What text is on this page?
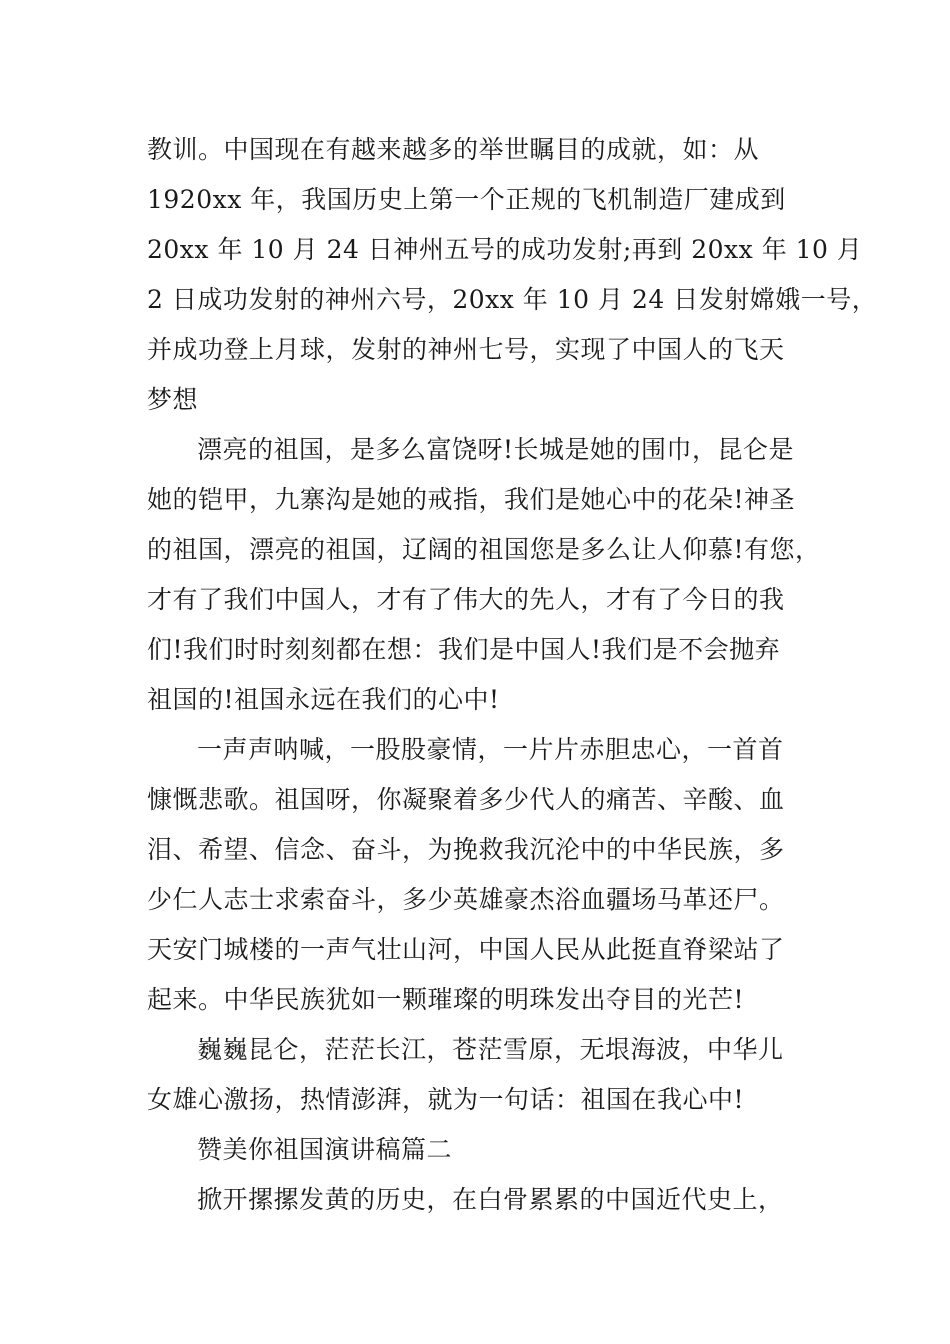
教训。中国现在有越来越多的举世瞩目的成就，如：从
1920xx 年，我国历史上第一个正规的飞机制造厂建成到
20xx 年 10 月 24 日神州五号的成功发射;再到 20xx 年 10 月
2 日成功发射的神州六号，20xx 年 10 月 24 日发射嫦娥一号，
并成功登上月球，发射的神州七号，实现了中国人的飞天
梦想
漂亮的祖国，是多么富饶呀!长城是她的围巾，昆仑是
她的铠甲，九寨沟是她的戒指，我们是她心中的花朵!神圣
的祖国，漂亮的祖国，辽阔的祖国您是多么让人仰慕!有您，
才有了我们中国人，才有了伟大的先人，才有了今日的我
们!我们时时刻刻都在想：我们是中国人!我们是不会抛弃
祖国的!祖国永远在我们的心中!
一声声呐喊，一股股豪情，一片片赤胆忠心，一首首
慷慨悲歌。祖国呀，你凝聚着多少代人的痛苦、辛酸、血
泪、希望、信念、奋斗，为挽救我沉沦中的中华民族，多
少仁人志士求索奋斗，多少英雄豪杰浴血疆场马革还尸。
天安门城楼的一声气壮山河，中国人民从此挺直脊梁站了
起来。中华民族犹如一颗璀璨的明珠发出夺目的光芒!
巍巍昆仑，茫茫长江，苍茫雪原，无垠海波，中华儿
女雄心激扬，热情澎湃，就为一句话：祖国在我心中!
赞美你祖国演讲稿篇二
掀开摞摞发黄的历史，在白骨累累的中国近代史上，
